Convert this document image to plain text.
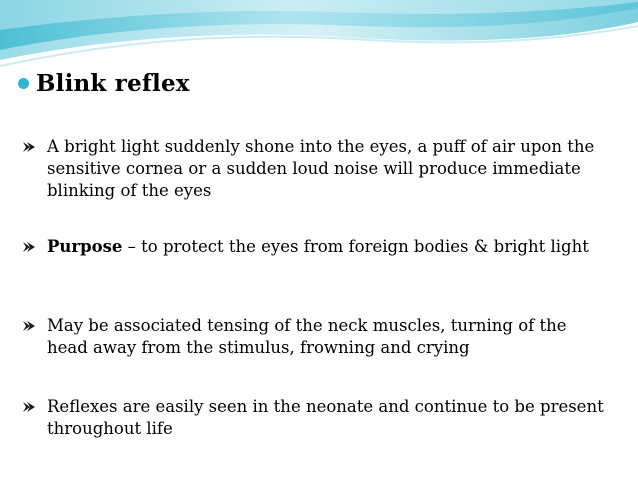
Blink reflex
A bright light suddenly shone into the eyes, a puff of air upon the sensitive cornea or a sudden loud noise will produce immediate blinking of the eyes
Purpose – to protect the eyes from foreign bodies & bright light
May be associated tensing of the neck muscles, turning of the head away from the stimulus, frowning and crying
Reflexes are easily seen in the neonate and continue to be present throughout life
